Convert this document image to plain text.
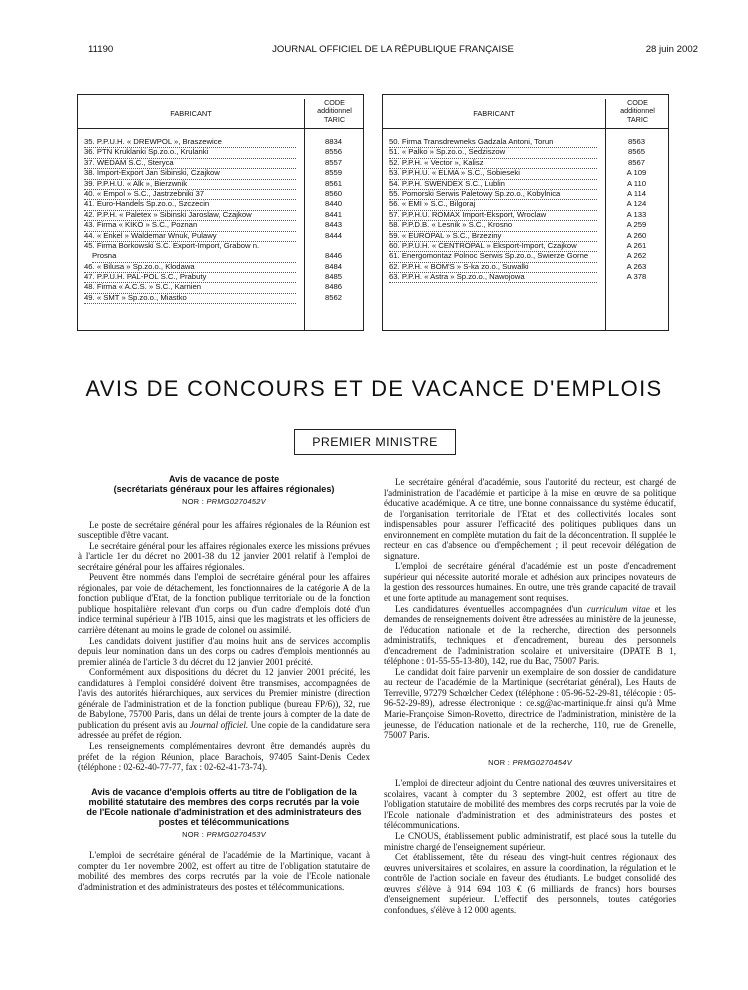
11190	JOURNAL OFFICIEL DE LA RÉPUBLIQUE FRANÇAISE	28 juin 2002
FABRICANT
CODE
additionnel
TARIC
35. P.P.U.H. « DREWPOL », Braszewice	8834
36. PTN Kruklanki Sp.zo.o., Krulanki	8556
37. WEDAM S.C., Steryca	8557
38. Import-Export Jan Sibinski, Czajkow	8559
39. P.P.H.U. « Alk », Bierzwnik	8561
40. « Empol » S.C., Jastrzebniki 37	8560
41. Euro-Handels Sp.zo.o., Szczecin	8440
42. P.P.H. « Paletex » Sibinski Jaroslaw, Czajkow	8441
43. Firma « KIKO » S.C., Poznan	8443
44. « Enkel » Waldemar Wnuk, Pulawy	8444
45. Firma Borkowski S.C. Export-Import, Grabow n.
Prosna	8446
46. « Bilusa » Sp.zo.o., Klodawa	8484
47. P.P.U.H. PAL-POL S.C., Prabuty	8485
48. Firma « A.C.S. » S.C., Karnien	8486
49. « SMT » Sp.zo.o., Miastko	8562
FABRICANT
CODE
additionnel
TARIC
50. Firma Transdrewneks Gadzala Antoni, Torun	8563
51. « Palko » Sp.zo.o., Sedziszow	8565
52. P.P.H. « Vector », Kalisz	8567
53. P.P.H.U. « ELMA » S.C., Sobieseki	A 109
54. P.P.H. SWENDEX S.C., Lublin	A 110
55. Pomorski Serwis Paletowy Sp.zo.o., Kobylnica	A 114
56. « EMI » S.C., Bilgoraj	A 124
57. P.P.H.U. ROMAX Import-Eksport, Wroclaw	A 133
58. P.P.D.B. « Lesnik » S.C., Krosno	A 259
59. « EUROPAL » S.C., Brzeziny	A 260
60. P.P.U.H. « CENTROPAL » Eksport-Import, Czajkow	A 261
61. Energomontaz Polnoc Serwis Sp.zo.o., Swierze Gorne	A 262
62. P.P.H. « BOM'S » S-ka zo.o., Suwalki	A 263
63. P.P.H. « Astra » Sp.zo.o., Nawojowa	A 378
AVIS DE CONCOURS ET DE VACANCE D'EMPLOIS
PREMIER MINISTRE
Avis de vacance de poste
(secrétariats généraux pour les affaires régionales)
NOR : PRMG0270452V

Le poste de secrétaire général pour les affaires régionales de la Réunion est susceptible d'être vacant.

Le secrétaire général pour les affaires régionales exerce les missions prévues à l'article 1er du décret no 2001-38 du 12 janvier 2001 relatif à l'emploi de secrétaire général pour les affaires régionales.

Peuvent être nommés dans l'emploi de secrétaire général pour les affaires régionales, par voie de détachement, les fonctionnaires de la catégorie A de la fonction publique d'Etat, de la fonction publique territoriale ou de la fonction publique hospitalière relevant d'un corps ou d'un cadre d'emplois doté d'un indice terminal supérieur à l'IB 1015, ainsi que les magistrats et les officiers de carrière détenant au moins le grade de colonel ou assimilé.

Les candidats doivent justifier d'au moins huit ans de services accomplis depuis leur nomination dans un des corps ou cadres d'emplois mentionnés au premier alinéa de l'article 3 du décret du 12 janvier 2001 précité.

Conformément aux dispositions du décret du 12 janvier 2001 précité, les candidatures à l'emploi considéré doivent être transmises, accompagnées de l'avis des autorités hiérarchiques, aux services du Premier ministre (direction générale de l'administration et de la fonction publique (bureau FP/6)), 32, rue de Babylone, 75700 Paris, dans un délai de trente jours à compter de la date de publication du présent avis au Journal officiel. Une copie de la candidature sera adressée au préfet de région.

Les renseignements complémentaires devront être demandés auprès du préfet de la région Réunion, place Barachois, 97405 Saint-Denis Cedex (téléphone : 02-62-40-77-77, fax : 02-62-41-73-74).

Avis de vacance d'emplois offerts au titre de l'obligation de la mobilité statutaire des membres des corps recrutés par la voie de l'Ecole nationale d'administration et des administrateurs des postes et télécommunications
NOR : PRMG0270453V

L'emploi de secrétaire général de l'académie de la Martinique, vacant à compter du 1er novembre 2002, est offert au titre de l'obligation statutaire de mobilité des membres des corps recrutés par la voie de l'Ecole nationale d'administration et des administrateurs des postes et télécommunications.

Le secrétaire général d'académie, sous l'autorité du recteur, est chargé de l'administration de l'académie et participe à la mise en œuvre de sa politique éducative académique. A ce titre, une bonne connaissance du système éducatif, de l'organisation territoriale de l'Etat et des collectivités locales sont indispensables pour assurer l'efficacité des politiques publiques dans un environnement en complète mutation du fait de la déconcentration. Il supplée le recteur en cas d'absence ou d'empêchement ; il peut recevoir délégation de signature.

L'emploi de secrétaire général d'académie est un poste d'encadrement supérieur qui nécessite autorité morale et adhésion aux principes novateurs de la gestion des ressources humaines. En outre, une très grande capacité de travail et une forte aptitude au management sont requises.

Les candidatures éventuelles accompagnées d'un curriculum vitae et les demandes de renseignements doivent être adressées au ministère de la jeunesse, de l'éducation nationale et de la recherche, direction des personnels administratifs, techniques et d'encadrement, bureau des personnels d'encadrement de l'administration scolaire et universitaire (DPATE B 1, téléphone : 01-55-55-13-80), 142, rue du Bac, 75007 Paris.

Le candidat doit faire parvenir un exemplaire de son dossier de candidature au recteur de l'académie de la Martinique (secrétariat général), Les Hauts de Terreville, 97279 Schœlcher Cedex (téléphone : 05-96-52-29-81, télécopie : 05-96-52-29-89), adresse électronique : ce.sg@ac-martinique.fr ainsi qu'à Mme Marie-Françoise Simon-Rovetto, directrice de l'administration, ministère de la jeunesse, de l'éducation nationale et de la recherche, 110, rue de Grenelle, 75007 Paris.

NOR : PRMG0270454V

L'emploi de directeur adjoint du Centre national des œuvres universitaires et scolaires, vacant à compter du 3 septembre 2002, est offert au titre de l'obligation statutaire de mobilité des membres des corps recrutés par la voie de l'Ecole nationale d'administration et des administrateurs des postes et télécommunications.

Le CNOUS, établissement public administratif, est placé sous la tutelle du ministre chargé de l'enseignement supérieur.

Cet établissement, tête du réseau des vingt-huit centres régionaux des œuvres universitaires et scolaires, en assure la coordination, la régulation et le contrôle de l'action sociale en faveur des étudiants. Le budget consolidé des œuvres s'élève à 914 694 103 € (6 milliards de francs) hors bourses d'enseignement supérieur. L'effectif des personnels, toutes catégories confondues, s'élève à 12 000 agents.
